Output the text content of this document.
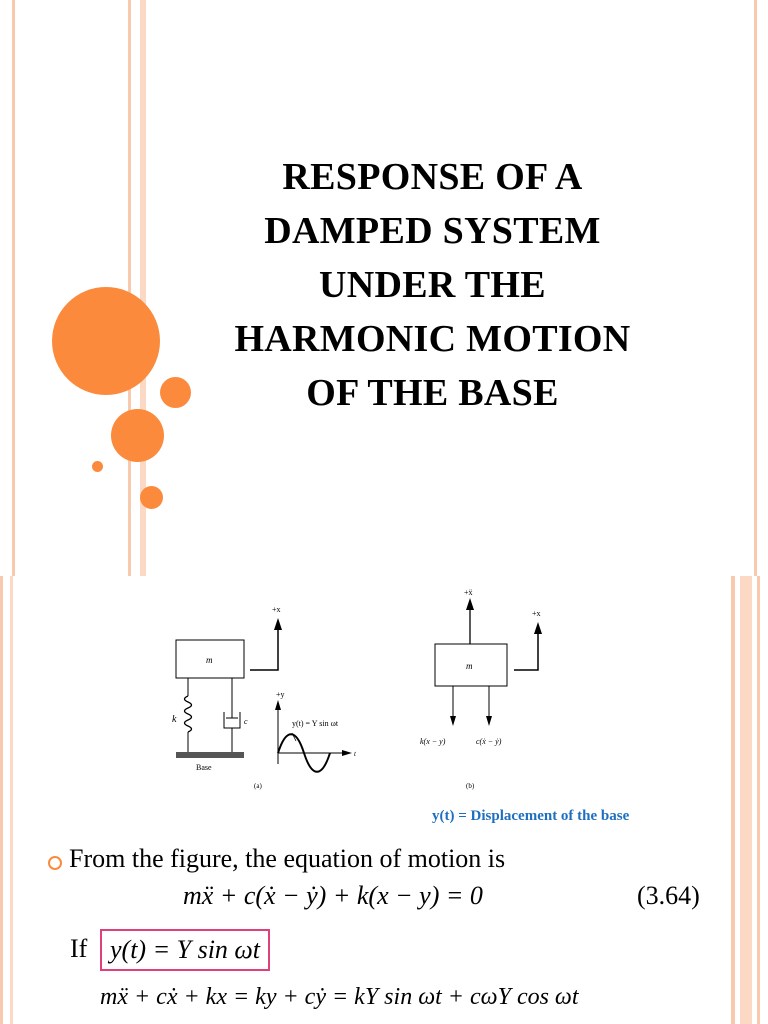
RESPONSE OF A
DAMPED SYSTEM
UNDER THE
HARMONIC MOTION
OF THE BASE
m
+x
k	c
Base
+y
t
y(t) = Y sin ωt
(a)
+ẍ
m
+x
k(x − y)	c(ẋ − ẏ)
(b)
y(t) = Displacement of the base
From the figure, the equation of motion is
mẍ + c(ẋ − ẏ) + k(x − y) = 0	(3.64)
If y(t) = Y sin ωt
mẍ + cẋ + kx = ky + cẏ = kY sin ωt + cωY cos ωt
